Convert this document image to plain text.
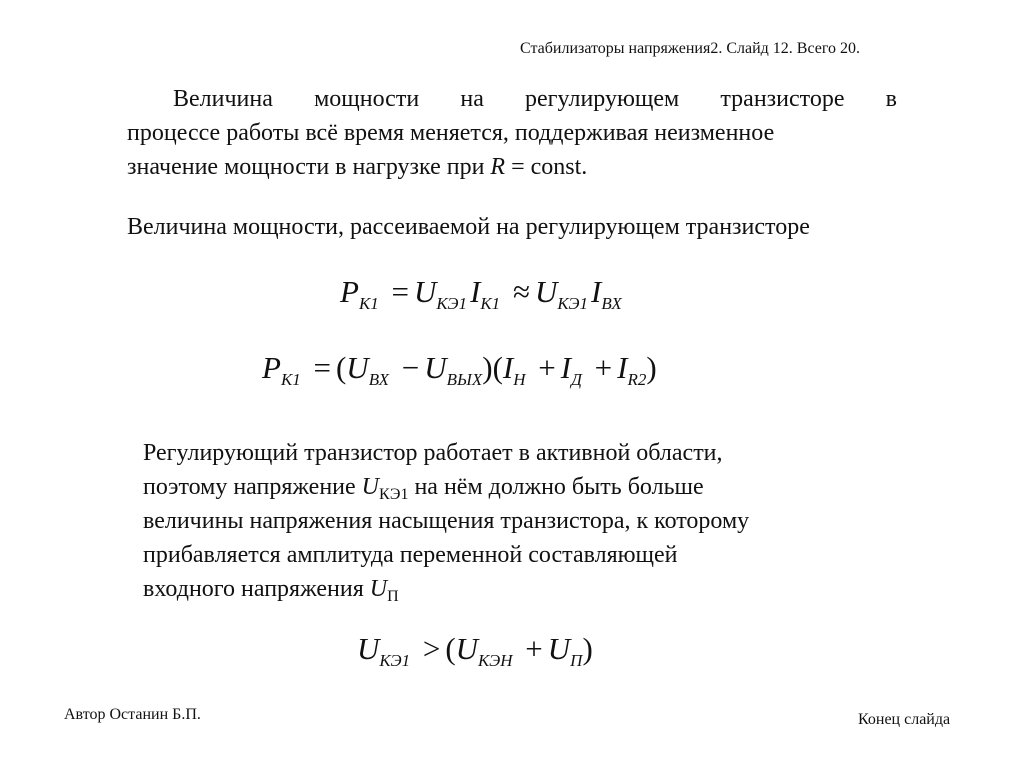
Стабилизаторы напряжения2. Слайд 12. Всего 20.
Величина мощности на регулирующем транзисторе в
процессе работы всё время меняется, поддерживая неизменное
значение мощности в нагрузке при R = const.
Величина мощности, рассеиваемой на регулирующем транзисторе
$P_{К1} = U_{КЭ1}I_{К1} \approx U_{КЭ1}I_{ВХ}$
$P_{К1} = (U_{ВХ} - U_{ВЫХ})(I_Н + I_Д + I_{R2})$
Регулирующий транзистор работает в активной области,
поэтому напряжение $U_{КЭ1}$ на нём должно быть больше
величины напряжения насыщения транзистора, к которому
прибавляется амплитуда переменной составляющей
входного напряжения $U_П$
$U_{КЭ1} > (U_{КЭН} + U_П)$
Автор Останин Б.П.	Конец слайда
